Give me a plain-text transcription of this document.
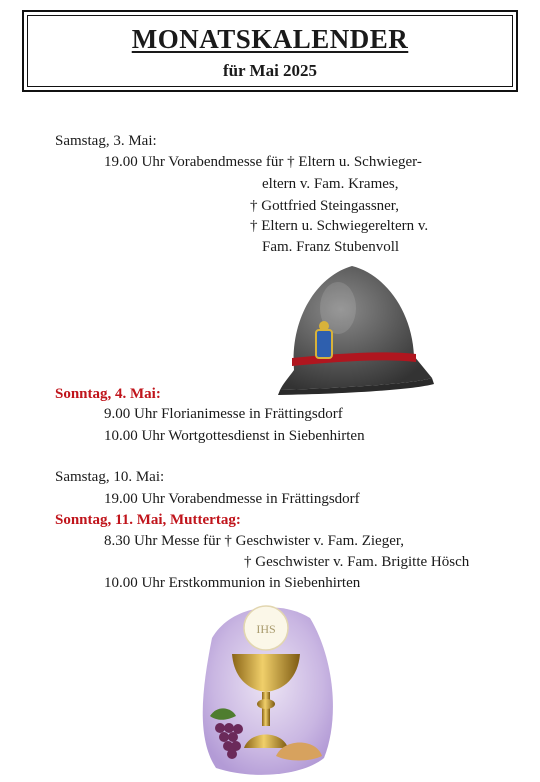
MONATSKALENDER
für Mai 2025
Samstag, 3. Mai:
19.00 Uhr Vorabendmesse für † Eltern u. Schwieger-
eltern v. Fam. Krames,
† Gottfried Steingassner,
† Eltern u. Schwiegereltern v.
Fam. Franz Stubenvoll
Sonntag, 4. Mai:
9.00 Uhr Florianimesse in Frättingsdorf
10.00 Uhr Wortgottesdienst in Siebenhirten
Samstag, 10. Mai:
19.00 Uhr Vorabendmesse in Frättingsdorf
Sonntag, 11. Mai, Muttertag:
8.30 Uhr Messe für † Geschwister v. Fam. Zieger,
† Geschwister v. Fam. Brigitte Hösch
10.00 Uhr Erstkommunion in Siebenhirten
IHS
